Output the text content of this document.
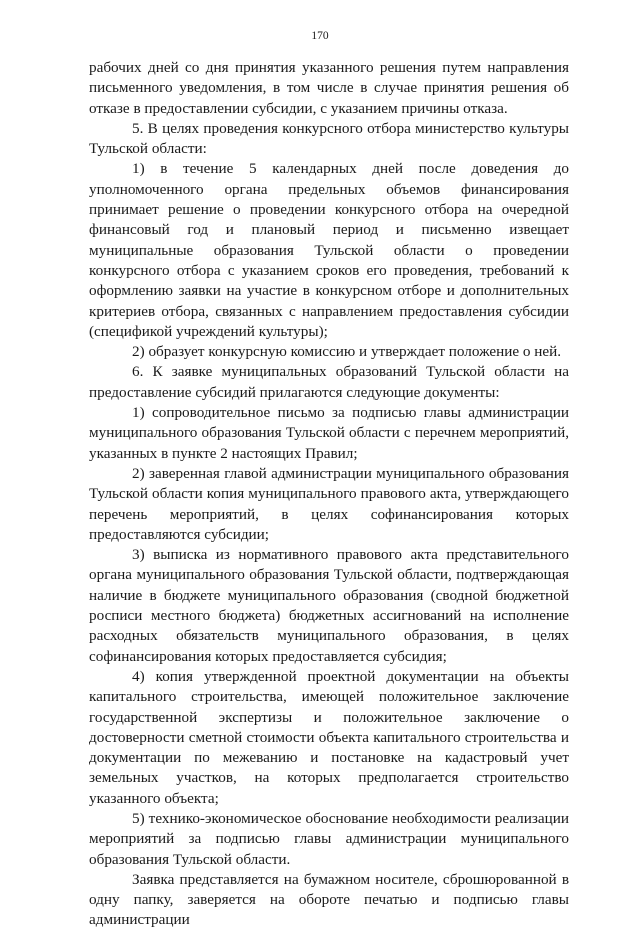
170

рабочих дней со дня принятия указанного решения путем направления письменного уведомления, в том числе в случае принятия решения об отказе в предоставлении субсидии, с указанием причины отказа.

5. В целях проведения конкурсного отбора министерство культуры Тульской области:

1) в течение 5 календарных дней после доведения до уполномоченного органа предельных объемов финансирования принимает решение о проведении конкурсного отбора на очередной финансовый год и плановый период и письменно извещает муниципальные образования Тульской области о проведении конкурсного отбора с указанием сроков его проведения, требований к оформлению заявки на участие в конкурсном отборе и дополнительных критериев отбора, связанных с направлением предоставления субсидии (спецификой учреждений культуры);

2) образует конкурсную комиссию и утверждает положение о ней.

6. К заявке муниципальных образований Тульской области на предоставление субсидий прилагаются следующие документы:

1) сопроводительное письмо за подписью главы администрации муниципального образования Тульской области с перечнем мероприятий, указанных в пункте 2 настоящих Правил;

2) заверенная главой администрации муниципального образования Тульской области копия муниципального правового акта, утверждающего перечень мероприятий, в целях софинансирования которых предоставляются субсидии;

3) выписка из нормативного правового акта представительного органа муниципального образования Тульской области, подтверждающая наличие в бюджете муниципального образования (сводной бюджетной росписи местного бюджета) бюджетных ассигнований на исполнение расходных обязательств муниципального образования, в целях софинансирования которых предоставляется субсидия;

4) копия утвержденной проектной документации на объекты капитального строительства, имеющей положительное заключение государственной экспертизы и положительное заключение о достоверности сметной стоимости объекта капитального строительства и документации по межеванию и постановке на кадастровый учет земельных участков, на которых предполагается строительство указанного объекта;

5) технико-экономическое обоснование необходимости реализации мероприятий за подписью главы администрации муниципального образования Тульской области.

Заявка представляется на бумажном носителе, сброшюрованной в одну папку, заверяется на обороте печатью и подписью главы администрации
